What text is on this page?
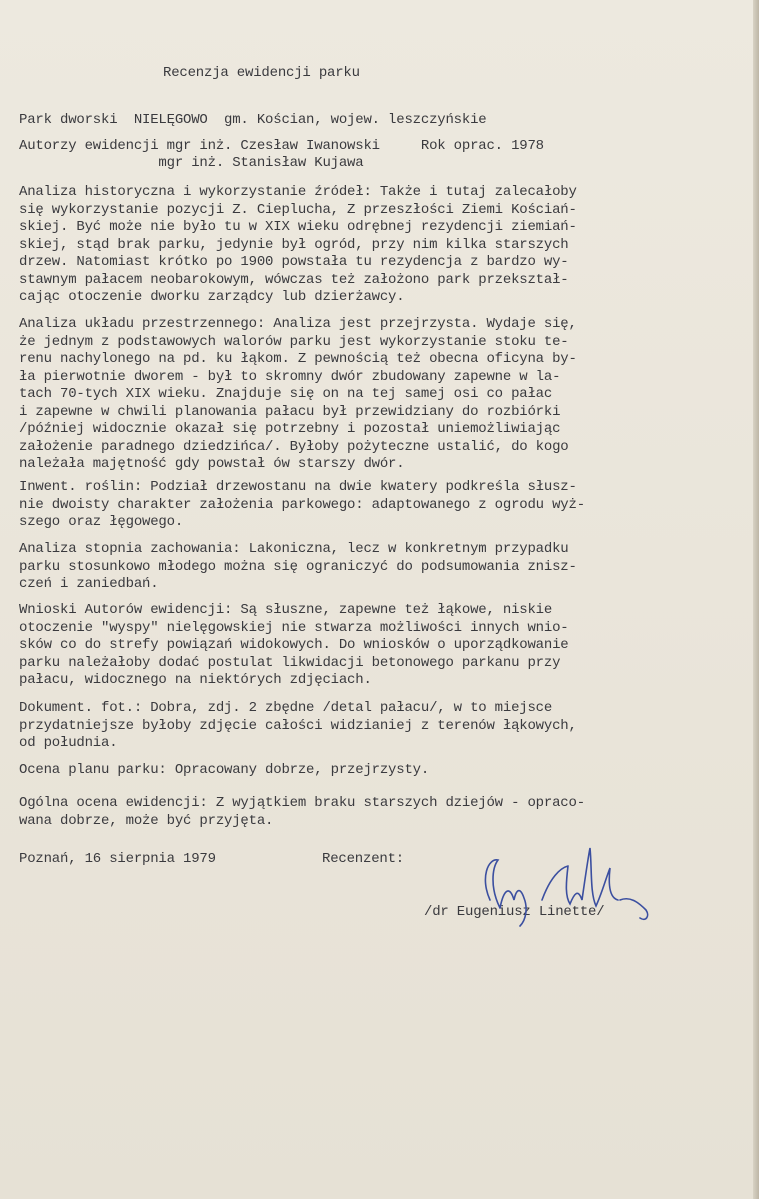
Recenzja ewidencji parku
Park dworski  NIELĘGOWO  gm. Kościan, wojew. leszczyńskie
Autorzy ewidencji mgr inż. Czesław Iwanowski     Rok oprac. 1978
mgr inż. Stanisław Kujawa
Analiza historyczna i wykorzystanie źródeł: Także i tutaj zalecałoby
się wykorzystanie pozycji Z. Cieplucha, Z przeszłości Ziemi Kościań-
skiej. Być może nie było tu w XIX wieku odrębnej rezydencji ziemiań-
skiej, stąd brak parku, jedynie był ogród, przy nim kilka starszych
drzew. Natomiast krótko po 1900 powstała tu rezydencja z bardzo wy-
stawnym pałacem neobarokowym, wówczas też założono park przekształ-
cając otoczenie dworku zarządcy lub dzierżawcy.
Analiza układu przestrzennego: Analiza jest przejrzysta. Wydaje się,
że jednym z podstawowych walorów parku jest wykorzystanie stoku te-
renu nachylonego na pd. ku łąkom. Z pewnością też obecna oficyna by-
ła pierwotnie dworem - był to skromny dwór zbudowany zapewne w la-
tach 70-tych XIX wieku. Znajduje się on na tej samej osi co pałac
i zapewne w chwili planowania pałacu był przewidziany do rozbiórki
/później widocznie okazał się potrzebny i pozostał uniemożliwiając
założenie paradnego dziedzińca/. Byłoby pożyteczne ustalić, do kogo
należała majętność gdy powstał ów starszy dwór.
Inwent. roślin: Podział drzewostanu na dwie kwatery podkreśla słusz-
nie dwoisty charakter założenia parkowego: adaptowanego z ogrodu wyż-
szego oraz łęgowego.
Analiza stopnia zachowania: Lakoniczna, lecz w konkretnym przypadku
parku stosunkowo młodego można się ograniczyć do podsumowania znisz-
czeń i zaniedbań.
Wnioski Autorów ewidencji: Są słuszne, zapewne też łąkowe, niskie
otoczenie "wyspy" nielęgowskiej nie stwarza możliwości innych wnio-
sków co do strefy powiązań widokowych. Do wniosków o uporządkowanie
parku należałoby dodać postulat likwidacji betonowego parkanu przy
pałacu, widocznego na niektórych zdjęciach.
Dokument. fot.: Dobra, zdj. 2 zbędne /detal pałacu/, w to miejsce
przydatniejsze byłoby zdjęcie całości widzianiej z terenów łąkowych,
od południa.
Ocena planu parku: Opracowany dobrze, przejrzysty.
Ogólna ocena ewidencji: Z wyjątkiem braku starszych dziejów - opraco-
wana dobrze, może być przyjęta.
Poznań, 16 sierpnia 1979	Recenzent:
/dr Eugeniusz Linette/
